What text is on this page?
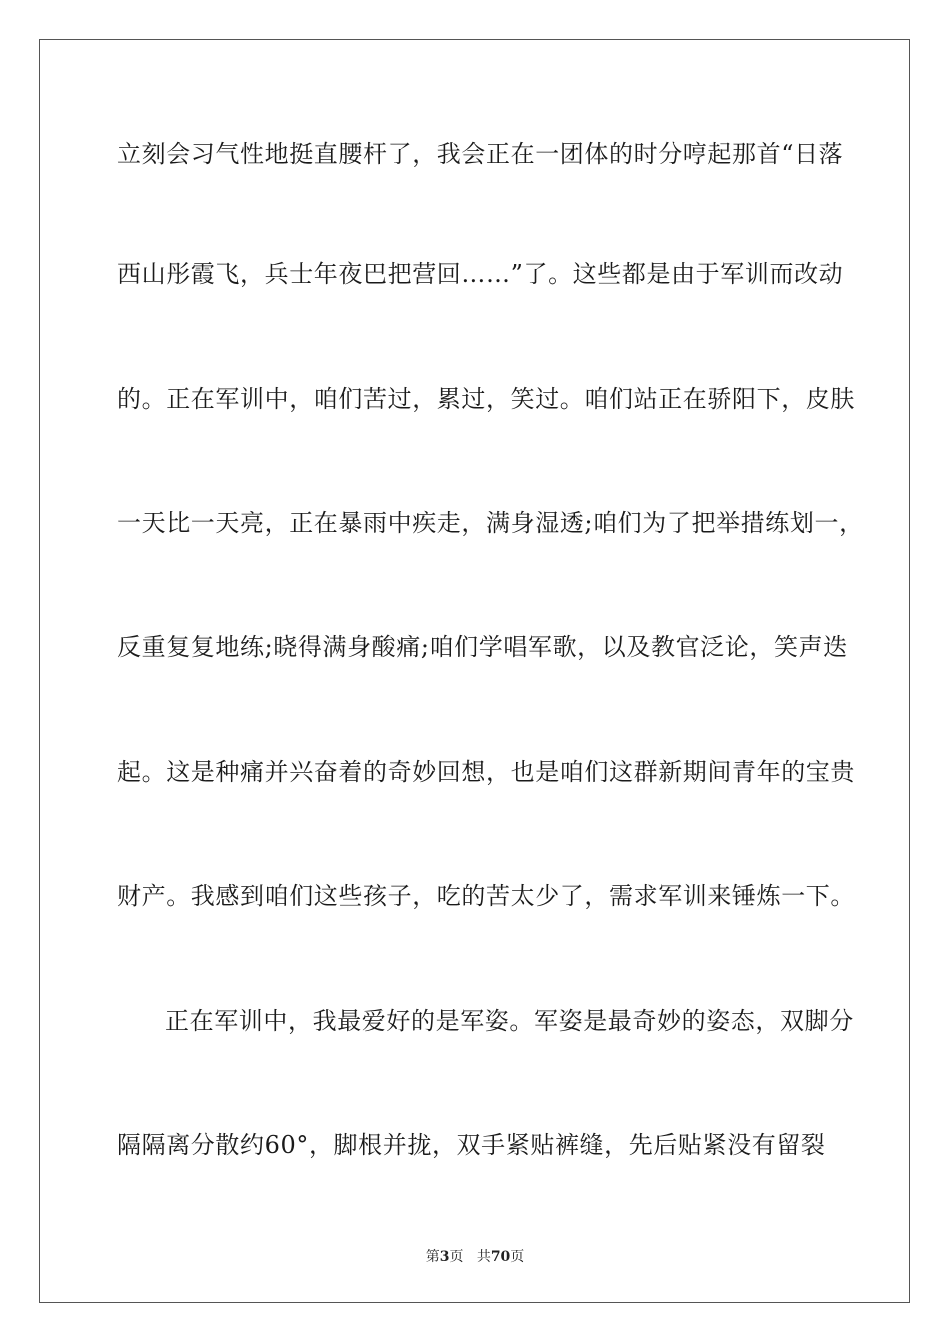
立刻会习气性地挺直腰杆了，我会正在一团体的时分哼起那首“日落
西山彤霞飞，兵士年夜巴把营回……”了。这些都是由于军训而改动
的。正在军训中，咱们苦过，累过，笑过。咱们站正在骄阳下，皮肤
一天比一天亮，正在暴雨中疾走，满身湿透;咱们为了把举措练划一，
反重复复地练;晓得满身酸痛;咱们学唱军歌，以及教官泛论，笑声迭
起。这是种痛并兴奋着的奇妙回想，也是咱们这群新期间青年的宝贵
财产。我感到咱们这些孩子，吃的苦太少了，需求军训来锤炼一下。
正在军训中，我最爱好的是军姿。军姿是最奇妙的姿态，双脚分
隔隔离分散约60°，脚根并拢，双手紧贴裤缝，先后贴紧没有留裂
第3页 共70页
